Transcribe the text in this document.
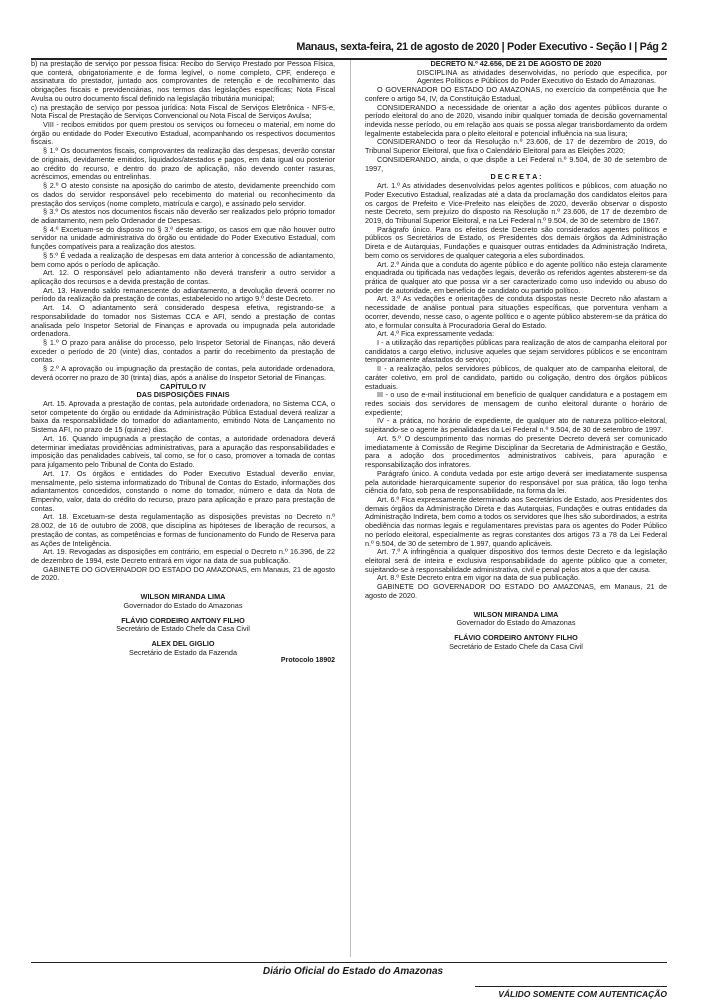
Manaus, sexta-feira, 21 de agosto de 2020 | Poder Executivo - Seção I | Pág 2

b) na prestação de serviço por pessoa física: Recibo do Serviço Prestado por Pessoa Física, que conterá, obrigatoriamente e de forma legível, o nome completo, CPF, endereço e assinatura do prestador, juntado aos comprovantes de retenção e de recolhimento das obrigações fiscais e previdenciárias, nos termos das legislações específicas; Nota Fiscal Avulsa ou outro documento fiscal definido na legislação tributária municipal;

c) na prestação de serviço por pessoa jurídica: Nota Fiscal de Serviços Eletrônica - NFS-e, Nota Fiscal de Prestação de Serviços Convencional ou Nota Fiscal de Serviços Avulsa;

VIII - recibos emitidos por quem prestou os serviços ou forneceu o material, em nome do órgão ou entidade do Poder Executivo Estadual, acompanhando os respectivos documentos fiscais.

§ 1.º Os documentos fiscais, comprovantes da realização das despesas, deverão constar de originais, devidamente emitidos, liquidados/atestados e pagos, em data igual ou posterior ao crédito do recurso, e dentro do prazo de aplicação, não devendo conter rasuras, acréscimos, emendas ou entrelinhas.

§ 2.º O atesto consiste na aposição do carimbo de atesto, devidamente preenchido com os dados do servidor responsável pelo recebimento do material ou reconhecimento da prestação dos serviços (nome completo, matrícula e cargo), e assinado pelo servidor.

§ 3.º Os atestos nos documentos fiscais não deverão ser realizados pelo próprio tomador de adiantamento, nem pelo Ordenador de Despesas.

§ 4.º Excetuam-se do disposto no § 3.º deste artigo, os casos em que não houver outro servidor na unidade administrativa do órgão ou entidade do Poder Executivo Estadual, com funções compatíveis para a realização dos atestos.

§ 5.º É vedada a realização de despesas em data anterior à concessão de adiantamento, bem como após o período de aplicação.

Art. 12. O responsável pelo adiantamento não deverá transferir a outro servidor a aplicação dos recursos e a devida prestação de contas.

Art. 13. Havendo saldo remanescente do adiantamento, a devolução deverá ocorrer no período da realização da prestação de contas, estabelecido no artigo 9.º deste Decreto.

Art. 14. O adiantamento será considerado despesa efetiva, registrando-se a responsabilidade do tomador nos Sistemas CCA e AFI, sendo a prestação de contas analisada pelo Inspetor Setorial de Finanças e aprovada ou impugnada pela autoridade ordenadora.

§ 1.º O prazo para análise do processo, pelo Inspetor Setorial de Finanças, não deverá exceder o período de 20 (vinte) dias, contados a partir do recebimento da prestação de contas.

§ 2.º A aprovação ou impugnação da prestação de contas, pela autoridade ordenadora, deverá ocorrer no prazo de 30 (trinta) dias, após a análise do Inspetor Setorial de Finanças.

CAPÍTULO IV

DAS DISPOSIÇÕES FINAIS

Art. 15. Aprovada a prestação de contas, pela autoridade ordenadora, no Sistema CCA, o setor competente do órgão ou entidade da Administração Pública Estadual deverá realizar a baixa da responsabilidade do tomador do adiantamento, emitindo Nota de Lançamento no Sistema AFI, no prazo de 15 (quinze) dias.

Art. 16. Quando impugnada a prestação de contas, a autoridade ordenadora deverá determinar imediatas providências administrativas, para a apuração das responsabilidades e imposição das penalidades cabíveis, tal como, se for o caso, promover a tomada de contas para julgamento pelo Tribunal de Conta do Estado.

Art. 17. Os órgãos e entidades do Poder Executivo Estadual deverão enviar, mensalmente, pelo sistema informatizado do Tribunal de Contas do Estado, informações dos adiantamentos concedidos, constando o nome do tomador, número e data da Nota de Empenho, valor, data do crédito do recurso, prazo para aplicação e prazo para prestação de contas.

Art. 18. Excetuam-se desta regulamentação as disposições previstas no Decreto n.º 28.002, de 16 de outubro de 2008, que disciplina as hipóteses de liberação de recursos, a prestação de contas, as competências e formas de funcionamento do Fundo de Reserva para as Ações de Inteligência.

Art. 19. Revogadas as disposições em contrário, em especial o Decreto n.º 16.396, de 22 de dezembro de 1994, este Decreto entrará em vigor na data de sua publicação.

GABINETE DO GOVERNADOR DO ESTADO DO AMAZONAS, em Manaus, 21 de agosto de 2020.

WILSON MIRANDA LIMA
Governador do Estado do Amazonas
FLÁVIO CORDEIRO ANTONY FILHO
Secretário de Estado Chefe da Casa Civil
ALEX DEL GIGLIO
Secretário de Estado da Fazenda
Protocolo 18902

DECRETO N.º 42.656, DE 21 DE AGOSTO DE 2020

DISCIPLINA as atividades desenvolvidas, no período que especifica, por Agentes Políticos e Públicos do Poder Executivo do Estado do Amazonas.

O GOVERNADOR DO ESTADO DO AMAZONAS, no exercício da competência que lhe confere o artigo 54, IV, da Constituição Estadual,

CONSIDERANDO a necessidade de orientar a ação dos agentes públicos durante o período eleitoral do ano de 2020, visando inibir qualquer tomada de decisão governamental indevida nesse período, ou em relação aos quais se possa alegar transbordamento da ordem legalmente estabelecida para o pleito eleitoral e potencial influência na sua lisura;

CONSIDERANDO o teor da Resolução n.º 23.606, de 17 de dezembro de 2019, do Tribunal Superior Eleitoral, que fixa o Calendário Eleitoral para as Eleições 2020;

CONSIDERANDO, ainda, o que dispõe a Lei Federal n.º 9.504, de 30 de setembro de 1997,

D E C R E T A :

Art. 1.º As atividades desenvolvidas pelos agentes políticos e públicos, com atuação no Poder Executivo Estadual, realizadas até a data da proclamação dos candidatos eleitos para os cargos de Prefeito e Vice-Prefeito nas eleições de 2020, deverão observar o disposto neste Decreto, sem prejuízo do disposto na Resolução n.º 23.606, de 17 de dezembro de 2019, do Tribunal Superior Eleitoral, e na Lei Federal n.º 9.504, de 30 de setembro de 1967.

Parágrafo único. Para os efeitos deste Decreto são considerados agentes políticos e públicos os Secretários de Estado, os Presidentes dos demais órgãos da Administração Direta e de Autarquias, Fundações e quaisquer outras entidades da Administração Indireta, bem como os servidores de qualquer categoria a eles subordinados.

Art. 2.º Ainda que a conduta do agente público e do agente político não esteja claramente enquadrada ou tipificada nas vedações legais, deverão os referidos agentes absterem-se da prática de qualquer ato que possa vir a ser caracterizado como uso indevido ou abuso do poder de autoridade, em benefício de candidato ou partido político.

Art. 3.º As vedações e orientações de conduta dispostas neste Decreto não afastam a necessidade de análise pontual para situações específicas, que porventura venham a ocorrer, devendo, nesse caso, o agente político e o agente público absterem-se da prática do ato, e formular consulta à Procuradoria Geral do Estado.

Art. 4.º Fica expressamente vedada:

I - a utilização das repartições públicas para realização de atos de campanha eleitoral por candidatos a cargo eletivo, inclusive aqueles que sejam servidores públicos e se encontram temporariamente afastados do serviço;

II - a realização, pelos servidores públicos, de qualquer ato de campanha eleitoral, de caráter coletivo, em prol de candidato, partido ou coligação, dentro dos órgãos públicos estaduais.

III - o uso de e-mail institucional em benefício de qualquer candidatura e a postagem em redes sociais dos servidores de mensagem de cunho eleitoral durante o horário de expediente;

IV - a prática, no horário de expediente, de qualquer ato de natureza político-eleitoral, sujeitando-se o agente às penalidades da Lei Federal n.º 9.504, de 30 de setembro de 1997.

Art. 5.º O descumprimento das normas do presente Decreto deverá ser comunicado imediatamente à Comissão de Regime Disciplinar da Secretaria de Administração e Gestão, para a adoção dos procedimentos administrativos cabíveis, para apuração e responsabilização dos infratores.

Parágrafo único. A conduta vedada por este artigo deverá ser imediatamente suspensa pela autoridade hierarquicamente superior do responsável por sua prática, tão logo tenha ciência do fato, sob pena de responsabilidade, na forma da lei.

Art. 6.º Fica expressamente determinado aos Secretários de Estado, aos Presidentes dos demais órgãos da Administração Direta e das Autarquias, Fundações e outras entidades da Administração Indireta, bem como a todos os servidores que lhes são subordinados, a estrita obediência das normas legais e regulamentares previstas para os agentes do Poder Público no período eleitoral, especialmente as regras constantes dos artigos 73 a 78 da Lei Federal n.º 9.504, de 30 de setembro de 1.997, quando aplicáveis.

Art. 7.º A infringência a qualquer dispositivo dos termos deste Decreto e da legislação eleitoral será de inteira e exclusiva responsabilidade do agente público que a cometer, sujeitando-se à responsabilidade administrativa, civil e penal pelos atos a que der causa.

Art. 8.º Este Decreto entra em vigor na data de sua publicação.

GABINETE DO GOVERNADOR DO ESTADO DO AMAZONAS, em Manaus, 21 de agosto de 2020.

WILSON MIRANDA LIMA
Governador do Estado do Amazonas
FLÁVIO CORDEIRO ANTONY FILHO
Secretário de Estado Chefe da Casa Civil
Diário Oficial do Estado do Amazonas
VÁLIDO SOMENTE COM AUTENTICAÇÃO
